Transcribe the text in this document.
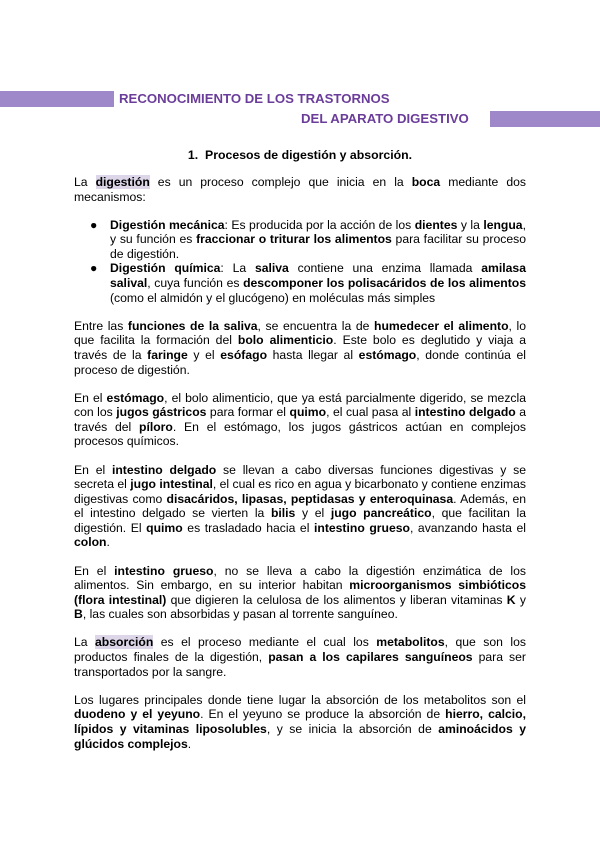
RECONOCIMIENTO DE LOS TRASTORNOS
DEL APARATO DIGESTIVO
1. Procesos de digestión y absorción.

La digestión es un proceso complejo que inicia en la boca mediante dos mecanismos:

● Digestión mecánica: Es producida por la acción de los dientes y la lengua, y su función es fraccionar o triturar los alimentos para facilitar su proceso de digestión.
● Digestión química: La saliva contiene una enzima llamada amilasa salival, cuya función es descomponer los polisacáridos de los alimentos (como el almidón y el glucógeno) en moléculas más simples

Entre las funciones de la saliva, se encuentra la de humedecer el alimento, lo que facilita la formación del bolo alimenticio. Este bolo es deglutido y viaja a través de la faringe y el esófago hasta llegar al estómago, donde continúa el proceso de digestión.

En el estómago, el bolo alimenticio, que ya está parcialmente digerido, se mezcla con los jugos gástricos para formar el quimo, el cual pasa al intestino delgado a través del píloro. En el estómago, los jugos gástricos actúan en complejos procesos químicos.

En el intestino delgado se llevan a cabo diversas funciones digestivas y se secreta el jugo intestinal, el cual es rico en agua y bicarbonato y contiene enzimas digestivas como disacáridos, lipasas, peptidasas y enteroquinasa. Además, en el intestino delgado se vierten la bilis y el jugo pancreático, que facilitan la digestión. El quimo es trasladado hacia el intestino grueso, avanzando hasta el colon.

En el intestino grueso, no se lleva a cabo la digestión enzimática de los alimentos. Sin embargo, en su interior habitan microorganismos simbióticos (flora intestinal) que digieren la celulosa de los alimentos y liberan vitaminas K y B, las cuales son absorbidas y pasan al torrente sanguíneo.

La absorción es el proceso mediante el cual los metabolitos, que son los productos finales de la digestión, pasan a los capilares sanguíneos para ser transportados por la sangre.

Los lugares principales donde tiene lugar la absorción de los metabolitos son el duodeno y el yeyuno. En el yeyuno se produce la absorción de hierro, calcio, lípidos y vitaminas liposolubles, y se inicia la absorción de aminoácidos y glúcidos complejos.
